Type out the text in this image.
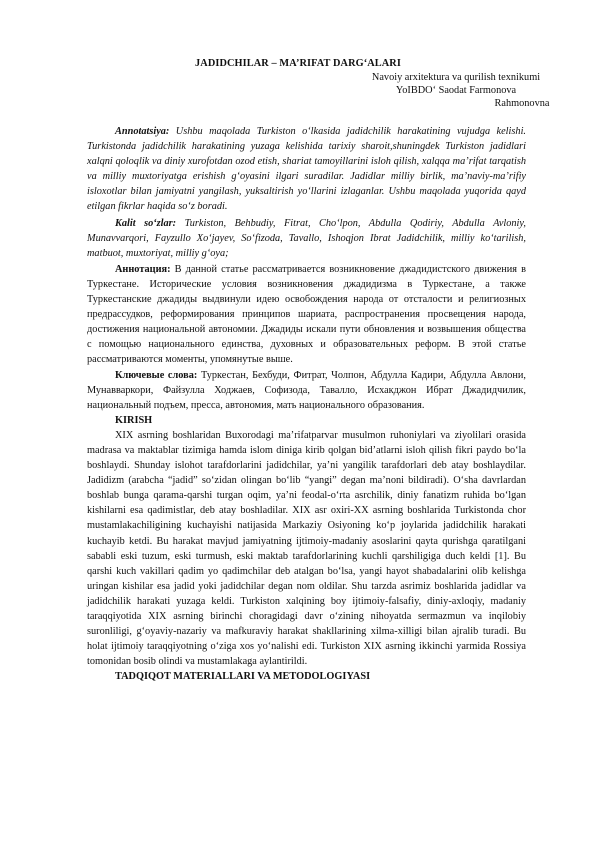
JADIDCHILAR – MA’RIFAT DARG‘ALARI
Navoiy arxitektura va qurilish texnikumi
YoIBDO‘ Saodat Farmonova
Rahmonovna

Annotatsiya: Ushbu maqolada Turkiston o‘lkasida jadidchilik harakatining vujudga kelishi. Turkistonda jadidchilik harakatining yuzaga kelishida tarixiy sharoit,shuningdek Turkiston jadidlari xalqni qoloqlik va diniy xurofotdan ozod etish, shariat tamoyillarini isloh qilish, xalqqa ma’rifat tarqatish va milliy muxtoriyatga erishish g‘oyasini ilgari suradilar. Jadidlar milliy birlik, ma’naviy-ma’rifiy isloxotlar bilan jamiyatni yangilash, yuksaltirish yo‘llarini izlaganlar. Ushbu maqolada yuqorida qayd etilgan fikrlar haqida so‘z boradi.

Kalit so‘zlar: Turkiston, Behbudiy, Fitrat, Cho‘lpon, Abdulla Qodiriy, Abdulla Avloniy, Munavvarqori, Fayzullo Xo‘jayev, So‘fizoda, Tavallo, Ishoqjon Ibrat Jadidchilik, milliy ko‘tarilish, matbuot, muxtoriyat, milliy g‘oya;

Аннотация: В данной статье рассматривается возникновение джадидистского движения в Туркестане. Исторические условия возникновения джадидизма в Туркестане, а также Туркестанские джадиды выдвинули идею освобождения народа от отсталости и религиозных предрассудков, реформирования принципов шариата, распространения просвещения народа, достижения национальной автономии. Джадиды искали пути обновления и возвышения общества с помощью национального единства, духовных и образовательных реформ. В этой статье рассматриваются моменты, упомянутые выше.

Ключевые слова: Туркестан, Бехбуди, Фитрат, Чолпон, Абдулла Кадири, Абдулла Авлони, Мунавваркори, Файзулла Ходжаев, Софизода, Тавалло, Исхакджон Ибрат Джадидчилик, национальный подъем, пресса, автономия, мать национального образования.

KIRISH

XIX asrning boshlaridan Buxorodagi ma’rifatparvar musulmon ruhoniylari va ziyolilari orasida madrasa va maktablar tizimiga hamda islom diniga kirib qolgan bid’atlarni isloh qilish fikri paydo bo‘la boshlaydi. Shunday islohot tarafdorlarini jadidchilar, ya’ni yangilik tarafdorlari deb atay boshlaydilar. Jadidizm (arabcha “jadid” so‘zidan olingan bo‘lib “yangi” degan ma’noni bildiradi). O‘sha davrlardan boshlab bunga qarama-qarshi turgan oqim, ya’ni feodal-o‘rta asrchilik, diniy fanatizm ruhida bo‘lgan kishilarni esa qadimistlar, deb atay boshladilar. XIX asr oxiri-XX asrning boshlarida Turkistonda chor mustamlakachiligining kuchayishi natijasida Markaziy Osiyoning ko‘p joylarida jadidchilik harakati kuchayib ketdi. Bu harakat mavjud jamiyatning ijtimoiy-madaniy asoslarini qayta qurishga qaratilgani sababli eski tuzum, eski turmush, eski maktab tarafdorlarining kuchli qarshiligiga duch keldi [1]. Bu qarshi kuch vakillari qadim yo qadimchilar deb atalgan bo‘lsa, yangi hayot shabadalarini olib kelishga uringan kishilar esa jadid yoki jadidchilar degan nom oldilar. Shu tarzda asrimiz boshlarida jadidlar va jadidchilik harakati yuzaga keldi. Turkiston xalqining boy ijtimoiy-falsafiy, diniy-axloqiy, madaniy taraqqiyotida XIX asrning birinchi choragidagi davr o‘zining nihoyatda sermazmun va inqilobiy suronliligi, g‘oyaviy-nazariy va mafkuraviy harakat shakllarining xilma-xilligi bilan ajralib turadi. Bu holat ijtimoiy taraqqiyotning o‘ziga xos yo‘nalishi edi. Turkiston XIX asrning ikkinchi yarmida Rossiya tomonidan bosib olindi va mustamlakaga aylantirildi.

TADQIQOT MATERIALLARI VA METODOLOGIYASI
